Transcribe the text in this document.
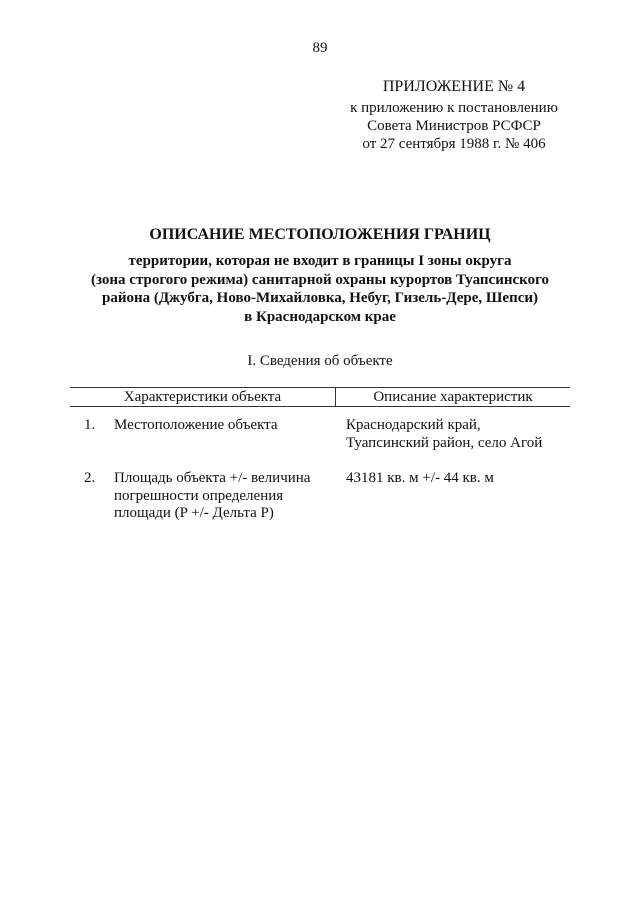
89
ПРИЛОЖЕНИЕ № 4
к приложению к постановлению
Совета Министров РСФСР
от 27 сентября 1988 г. № 406
ОПИСАНИЕ МЕСТОПОЛОЖЕНИЯ ГРАНИЦ
территории, которая не входит в границы I зоны округа
(зона строгого режима) санитарной охраны курортов Туапсинского
района (Джубга, Ново-Михайловка, Небуг, Гизель-Дере, Шепси)
в Краснодарском крае
I. Сведения об объекте
Характеристики объекта	Описание характеристик
1. Местоположение объекта	Краснодарский край,
Туапсинский район, село Агой
2. Площадь объекта +/- величина
погрешности определения
площади (P +/- Дельта P)
43181 кв. м +/- 44 кв. м
